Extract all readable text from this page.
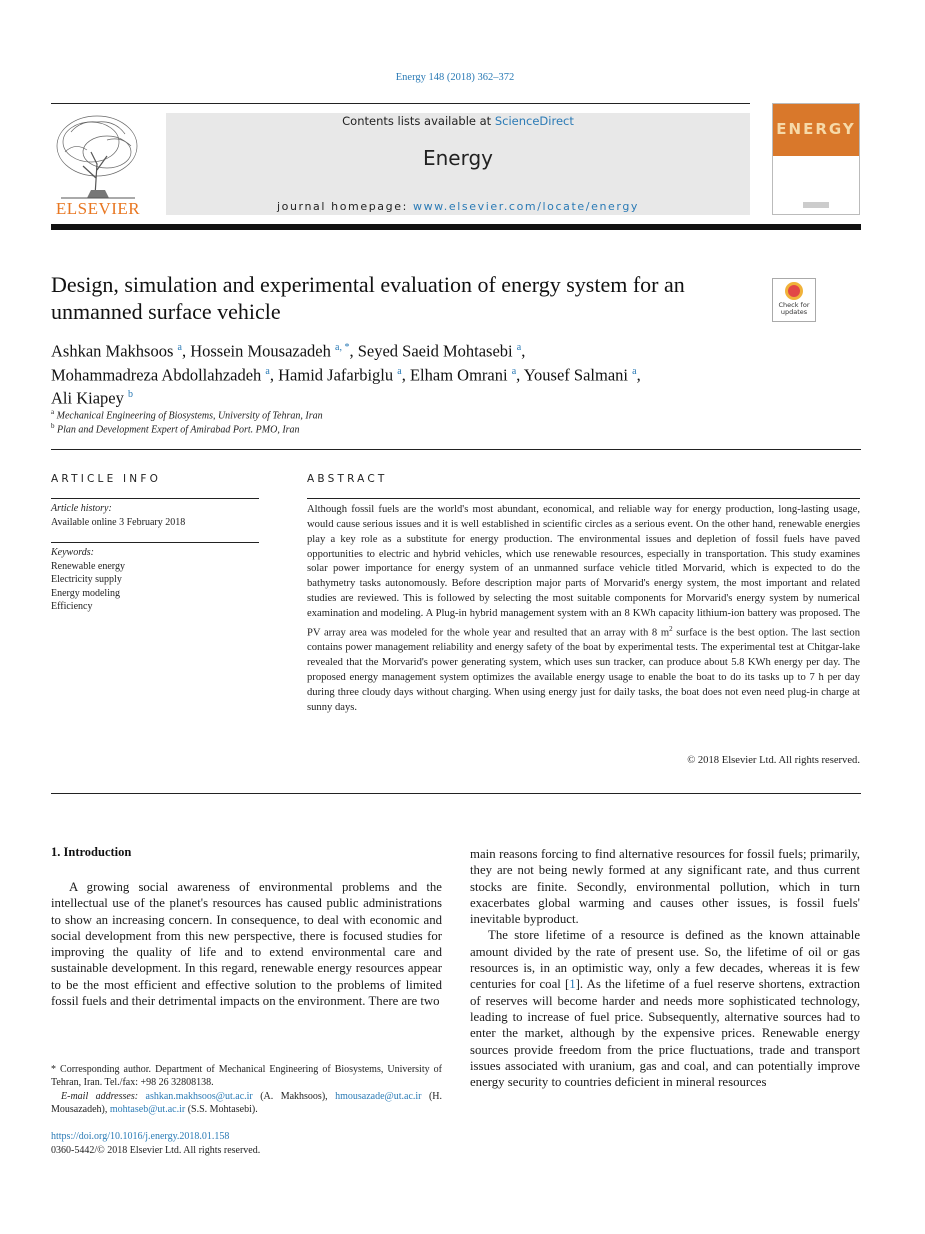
Energy 148 (2018) 362–372
ELSEVIER
Contents lists available at ScienceDirect
Energy
journal homepage: www.elsevier.com/locate/energy
ENERGY
Design, simulation and experimental evaluation of energy system for an unmanned surface vehicle	Check for updates
Ashkan Makhsoos $^a$, Hossein Mousazadeh $^{a, *}$, Seyed Saeid Mohtasebi $^a$,
Mohammadreza Abdollahzadeh $^a$, Hamid Jafarbiglu $^a$, Elham Omrani $^a$, Yousef Salmani $^a$,
Ali Kiapey $^b$
$^a$ Mechanical Engineering of Biosystems, University of Tehran, Iran
$^b$ Plan and Development Expert of Amirabad Port. PMO, Iran
ARTICLE INFO
Article history:
Available online 3 February 2018
Keywords:
Renewable energy
Electricity supply
Energy modeling
Efficiency
ABSTRACT

Although fossil fuels are the world's most abundant, economical, and reliable way for energy production, long-lasting usage, would cause serious issues and it is well established in scientific circles as a serious event. On the other hand, renewable energies play a key role as a substitute for energy production. The environmental issues and depletion of fossil fuels have paved opportunities to electric and hybrid vehicles, which use renewable resources, especially in transportation. This study examines solar power importance for energy system of an unmanned surface vehicle titled Morvarid, which is expected to do the bathymetry tasks autonomously. Before description major parts of Morvarid's energy system, the most important and related studies are reviewed. This is followed by selecting the most suitable components for Morvarid's energy system by numerical examination and modeling. A Plug-in hybrid management system with an 8 KWh capacity lithium-ion battery was proposed. The PV array area was modeled for the whole year and resulted that an array with 8 $m^2$ surface is the best option. The last section contains power management reliability and energy safety of the boat by experimental tests. The experimental test at Chitgar-lake revealed that the Morvarid's power generating system, which uses sun tracker, can produce about 5.8 KWh energy per day. The proposed energy management system optimizes the available energy usage to enable the boat to do its tasks up to 7 h per day during three cloudy days without charging. When using energy just for daily tasks, the boat does not even need plug-in charge at sunny days.

© 2018 Elsevier Ltd. All rights reserved.
1. Introduction

A growing social awareness of environmental problems and the intellectual use of the planet's resources has caused public administrations to show an increasing concern. In consequence, to deal with economic and social development from this new perspective, there is focused studies for improving the quality of life and to extend environmental care and sustainable development. In this regard, renewable energy resources appear to be the most efficient and effective solution to the problems of limited fossil fuels and their detrimental impacts on the environment. There are two

main reasons forcing to find alternative resources for fossil fuels; primarily, they are not being newly formed at any significant rate, and thus current stocks are finite. Secondly, environmental pollution, which in turn exacerbates global warming and causes other issues, is fossil fuels' inevitable byproduct.

The store lifetime of a resource is defined as the known attainable amount divided by the rate of present use. So, the lifetime of oil or gas resources is, in an optimistic way, only a few decades, whereas it is few centuries for coal [1]. As the lifetime of a fuel reserve shortens, extraction of reserves will become harder and needs more sophisticated technology, leading to increase of fuel price. Subsequently, alternative sources had to enter the market, although by the expensive prices. Renewable energy sources provide freedom from the price fluctuations, trade and transport issues associated with uranium, gas and coal, and can potentially improve energy security to countries deficient in mineral resources

* Corresponding author. Department of Mechanical Engineering of Biosystems, University of Tehran, Iran. Tel./fax: +98 26 32808138.
E-mail addresses: ashkan.makhsoos@ut.ac.ir (A. Makhsoos), hmousazade@ut.ac.ir (H. Mousazadeh), mohtaseb@ut.ac.ir (S.S. Mohtasebi).
https://doi.org/10.1016/j.energy.2018.01.158
0360-5442/© 2018 Elsevier Ltd. All rights reserved.
